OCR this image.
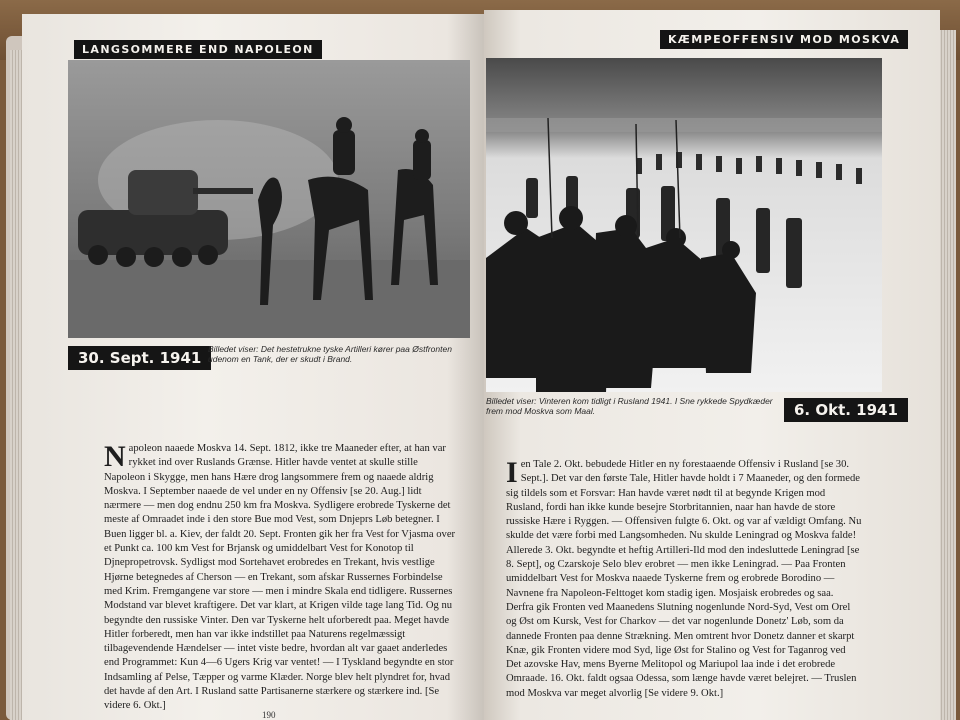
LANGSOMMERE END NAPOLEON
30. Sept. 1941 Billedet viser: Det hestetrukne tyske Artilleri kører paa Østfronten udenom en Tank, der er skudt i Brand.

Napoleon naaede Moskva 14. Sept. 1812, ikke tre Maaneder efter, at han var rykket ind over Ruslands Grænse. Hitler havde ventet at skulle stille Napoleon i Skygge, men hans Hære drog langsommere frem og naaede aldrig Moskva. I September naaede de vel under en ny Offensiv [se 20. Aug.] lidt nærmere — men dog endnu 250 km fra Moskva. Sydligere erobrede Tyskerne det meste af Omraadet inde i den store Bue mod Vest, som Dnjeprs Løb betegner. I Buen ligger bl. a. Kiev, der faldt 20. Sept. Fronten gik her fra Vest for Vjasma over et Punkt ca. 100 km Vest for Brjansk og umiddelbart Vest for Konotop til Djnepropetrovsk. Sydligst mod Sortehavet erobredes en Trekant, hvis vestlige Hjørne betegnedes af Cherson — en Trekant, som afskar Russernes Forbindelse med Krim. Fremgangene var store — men i mindre Skala end tidligere. Russernes Modstand var blevet kraftigere. Det var klart, at Krigen vilde tage lang Tid. Og nu begyndte den russiske Vinter. Den var Tyskerne helt uforberedt paa. Meget havde Hitler forberedt, men han var ikke indstillet paa Naturens regelmæssigt tilbagevendende Hændelser — intet viste bedre, hvordan alt var gaaet anderledes end Programmet: Kun 4—6 Ugers Krig var ventet! — I Tyskland begyndte en stor Indsamling af Pelse, Tæpper og varme Klæder. Norge blev helt plyndret for, hvad det havde af den Art. I Rusland satte Partisanerne stærkere og stærkere ind. [Se videre 6. Okt.]

190
KÆMPEOFFENSIV MOD MOSKVA
Billedet viser: Vinteren kom tidligt i Rusland 1941. I Sne rykkede Spydkæder frem mod Moskva som Maal.	6. Okt. 1941

Ien Tale 2. Okt. bebudede Hitler en ny forestaaende Offensiv i Rusland [se 30. Sept.]. Det var den første Tale, Hitler havde holdt i 7 Maaneder, og den formede sig tildels som et Forsvar: Han havde været nødt til at begynde Krigen mod Rusland, fordi han ikke kunde besejre Storbritannien, naar han havde de store russiske Hære i Ryggen. — Offensiven fulgte 6. Okt. og var af vældigt Omfang. Nu skulde det være forbi med Langsomheden. Nu skulde Leningrad og Moskva falde! Allerede 3. Okt. begyndte et heftig Artilleri-Ild mod den indesluttede Leningrad [se 8. Sept], og Czarskoje Selo blev erobret — men ikke Leningrad. — Paa Fronten umiddelbart Vest for Moskva naaede Tyskerne frem og erobrede Borodino — Navnene fra Napoleon-Felttoget kom stadig igen. Mosjaisk erobredes og saa. Derfra gik Fronten ved Maanedens Slutning nogenlunde Nord-Syd, Vest om Orel og Øst om Kursk, Vest for Charkov — det var nogenlunde Donetz' Løb, som da dannede Fronten paa denne Strækning. Men omtrent hvor Donetz danner et skarpt Knæ, gik Fronten videre mod Syd, lige Øst for Stalino og Vest for Taganrog ved Det azovske Hav, mens Byerne Melitopol og Mariupol laa inde i det erobrede Omraade. 16. Okt. faldt ogsaa Odessa, som længe havde været belejret. — Truslen mod Moskva var meget alvorlig [Se videre 9. Okt.]
